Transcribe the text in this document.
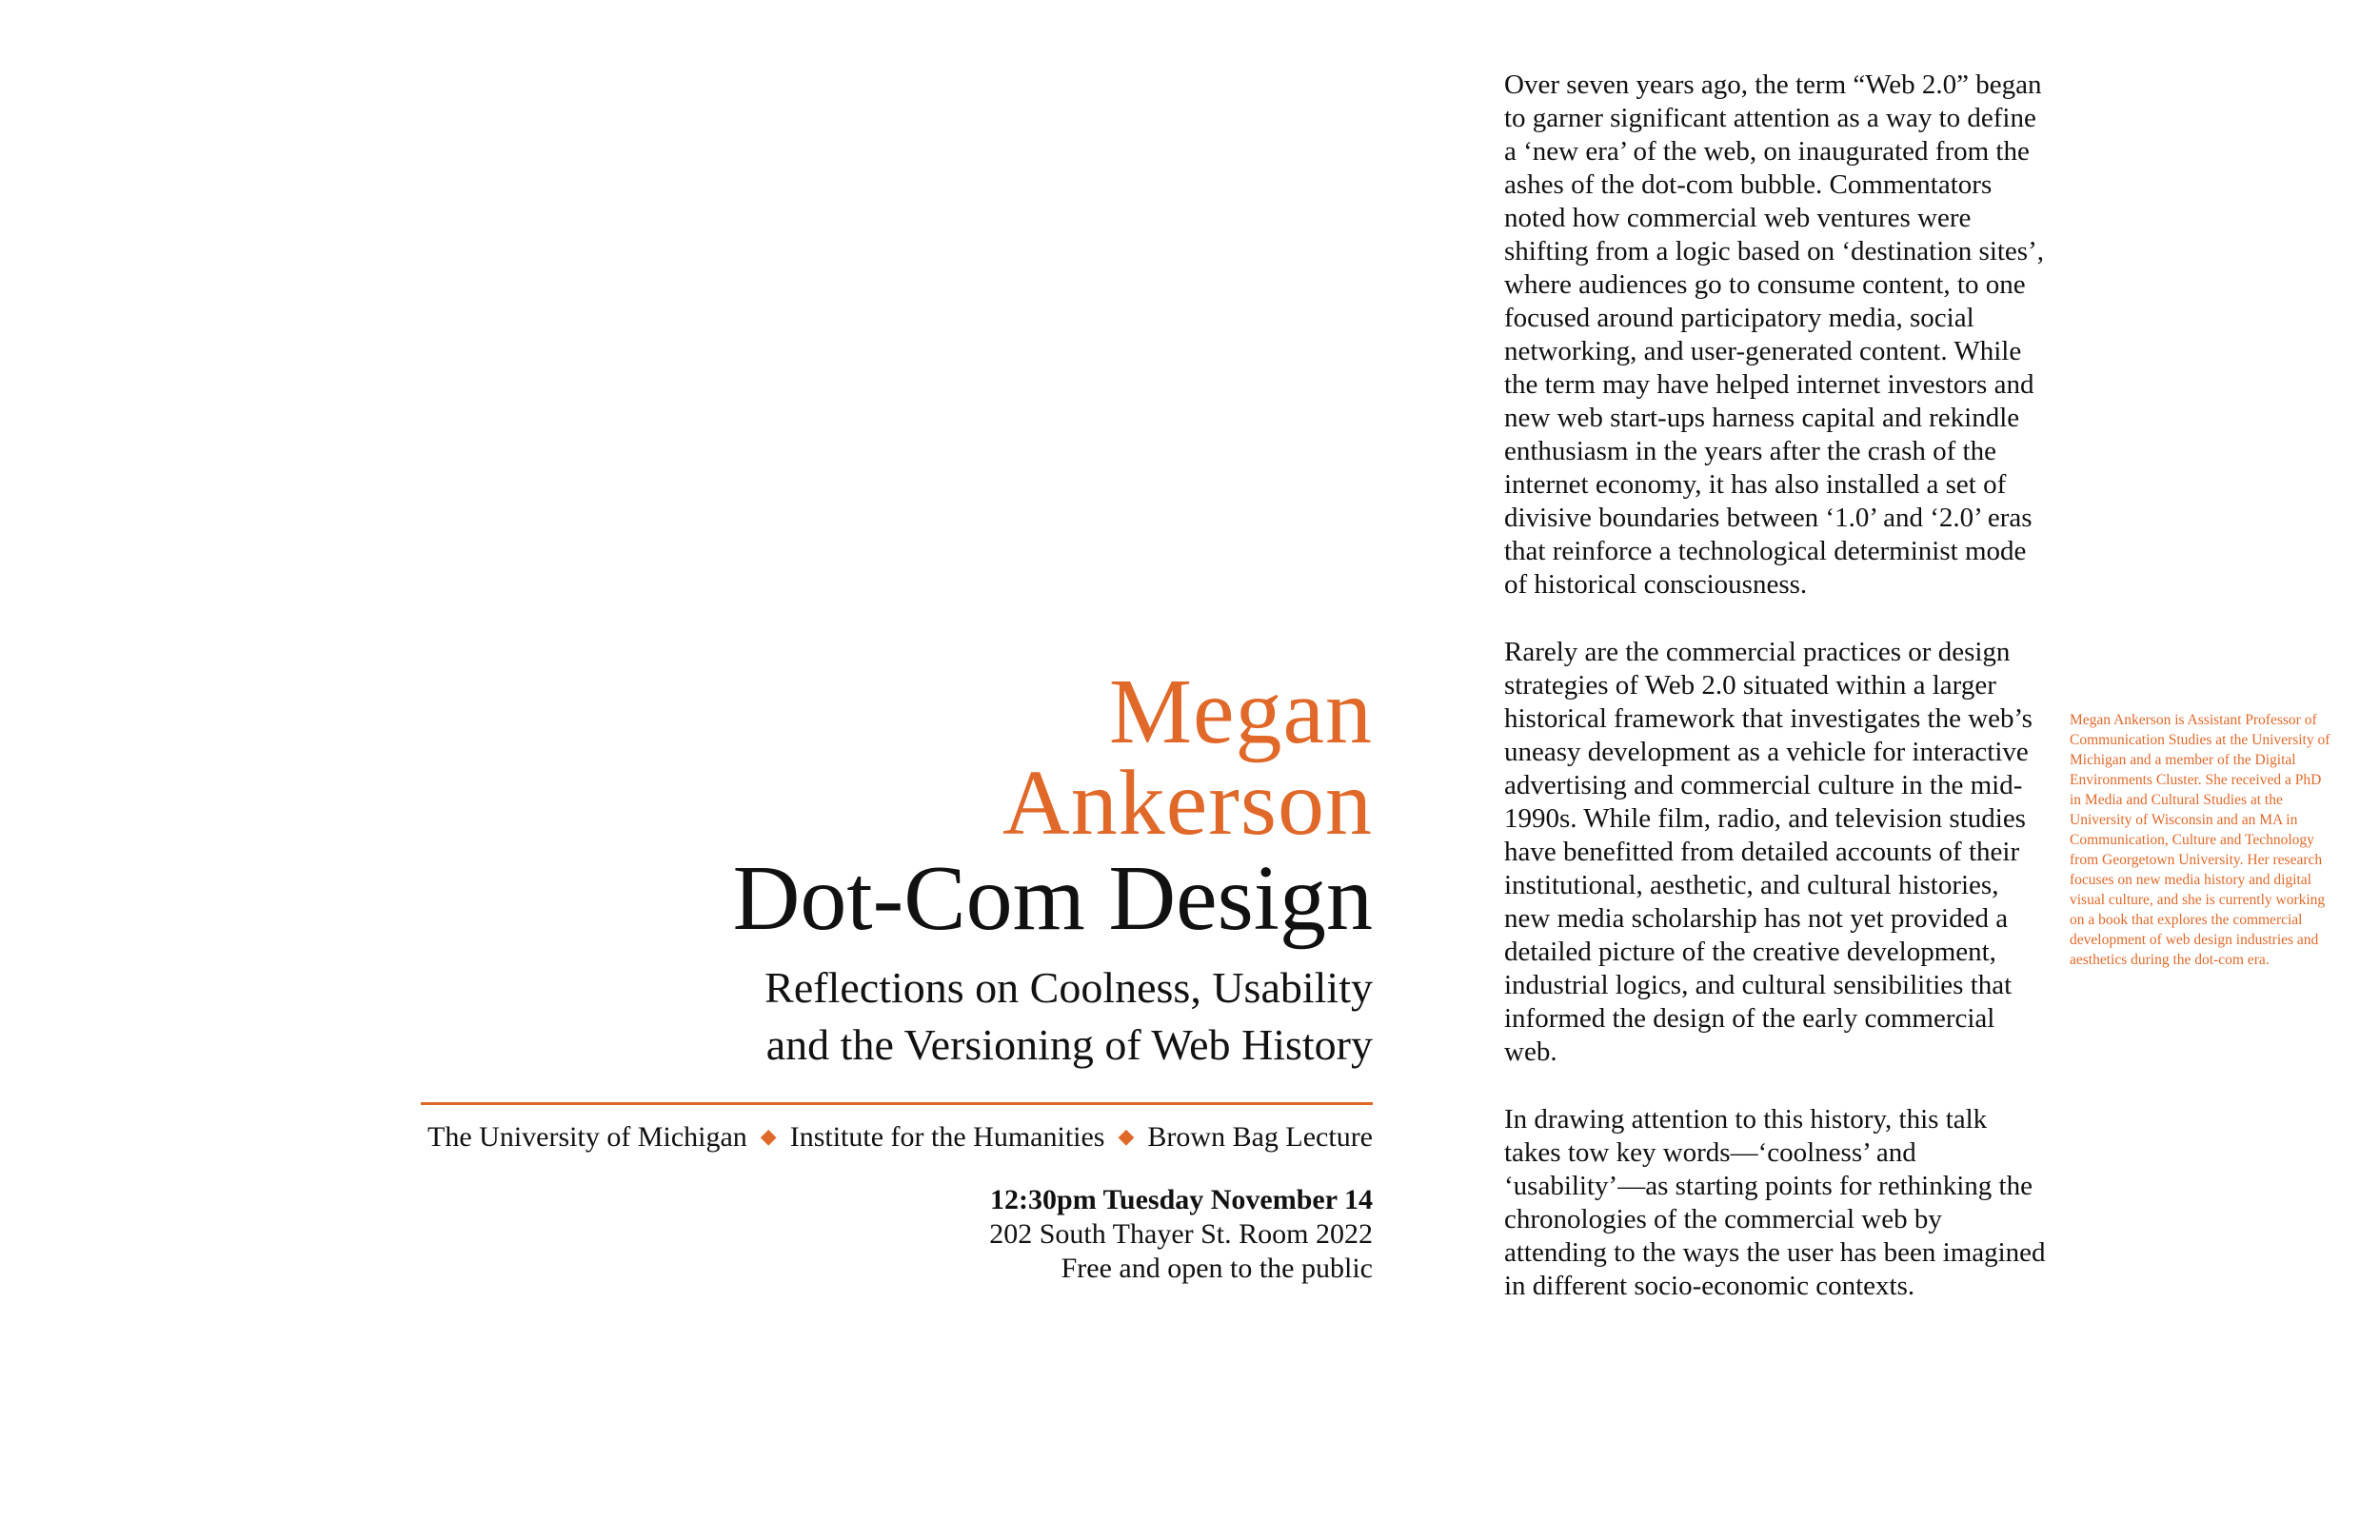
Megan
Ankerson
Dot-Com Design
Reflections on Coolness, Usability
and the Versioning of Web History
The University of Michigan ◆ Institute for the Humanities ◆ Brown Bag Lecture
12:30pm Tuesday November 14
202 South Thayer St. Room 2022
Free and open to the public

Over seven years ago, the term “Web 2.0” began to garner significant attention as a way to define a ‘new era’ of the web, on inaugurated from the ashes of the dot-com bubble. Commentators noted how commercial web ventures were shifting from a logic based on ‘destination sites’, where audiences go to consume content, to one focused around participatory media, social networking, and user-generated content. While the term may have helped internet investors and new web start-ups harness capital and rekindle enthusiasm in the years after the crash of the internet economy, it has also installed a set of divisive boundaries between ‘1.0’ and ‘2.0’ eras that reinforce a technological determinist mode of historical consciousness.

Rarely are the commercial practices or design strategies of Web 2.0 situated within a larger historical framework that investigates the web’s uneasy development as a vehicle for interactive advertising and commercial culture in the mid-1990s. While film, radio, and television studies have benefitted from detailed accounts of their institutional, aesthetic, and cultural histories, new media scholarship has not yet provided a detailed picture of the creative development, industrial logics, and cultural sensibilities that informed the design of the early commercial web.

In drawing attention to this history, this talk takes tow key words—‘coolness’ and ‘usability’—as starting points for rethinking the chronologies of the commercial web by attending to the ways the user has been imagined in different socio-economic contexts.

Megan Ankerson is Assistant Professor of Communication Studies at the University of Michigan and a member of the Digital Environments Cluster. She received a PhD in Media and Cultural Studies at the University of Wisconsin and an MA in Communication, Culture and Technology from Georgetown University. Her research focuses on new media history and digital visual culture, and she is currently working on a book that explores the commercial development of web design industries and aesthetics during the dot-com era.
